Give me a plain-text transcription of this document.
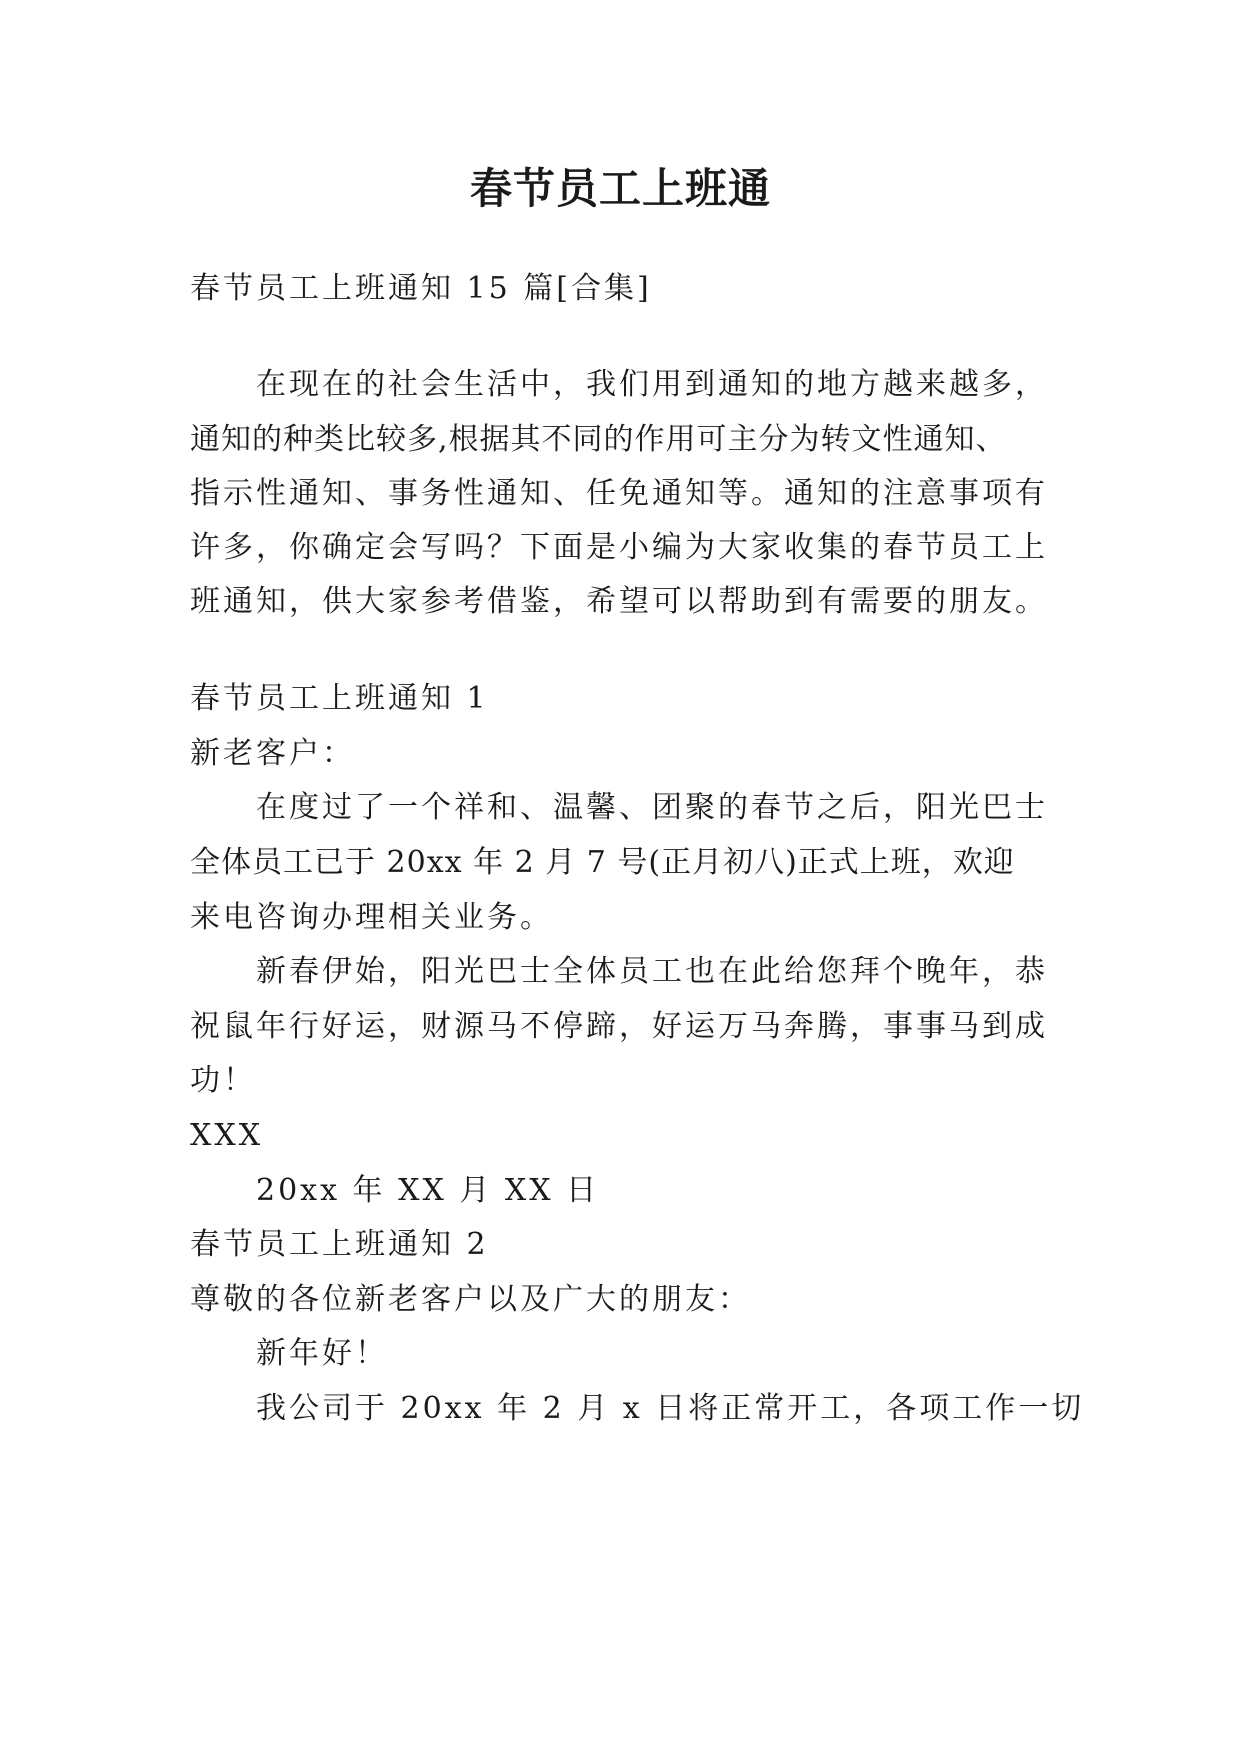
春节员工上班通
春节员工上班通知 15 篇[合集]
在现在的社会生活中，我们用到通知的地方越来越多，
通知的种类比较多,根据其不同的作用可主分为转文性通知、
指示性通知、事务性通知、任免通知等。通知的注意事项有
许多，你确定会写吗？下面是小编为大家收集的春节员工上
班通知，供大家参考借鉴，希望可以帮助到有需要的朋友。
春节员工上班通知 1
新老客户：
在度过了一个祥和、温馨、团聚的春节之后，阳光巴士
全体员工已于 20xx 年 2 月 7 号(正月初八)正式上班，欢迎
来电咨询办理相关业务。
新春伊始，阳光巴士全体员工也在此给您拜个晚年，恭
祝鼠年行好运，财源马不停蹄，好运万马奔腾，事事马到成
功！
XXX
20xx 年 XX 月 XX 日
春节员工上班通知 2
尊敬的各位新老客户以及广大的朋友：
新年好！
我公司于 20xx 年 2 月 x 日将正常开工，各项工作一切
